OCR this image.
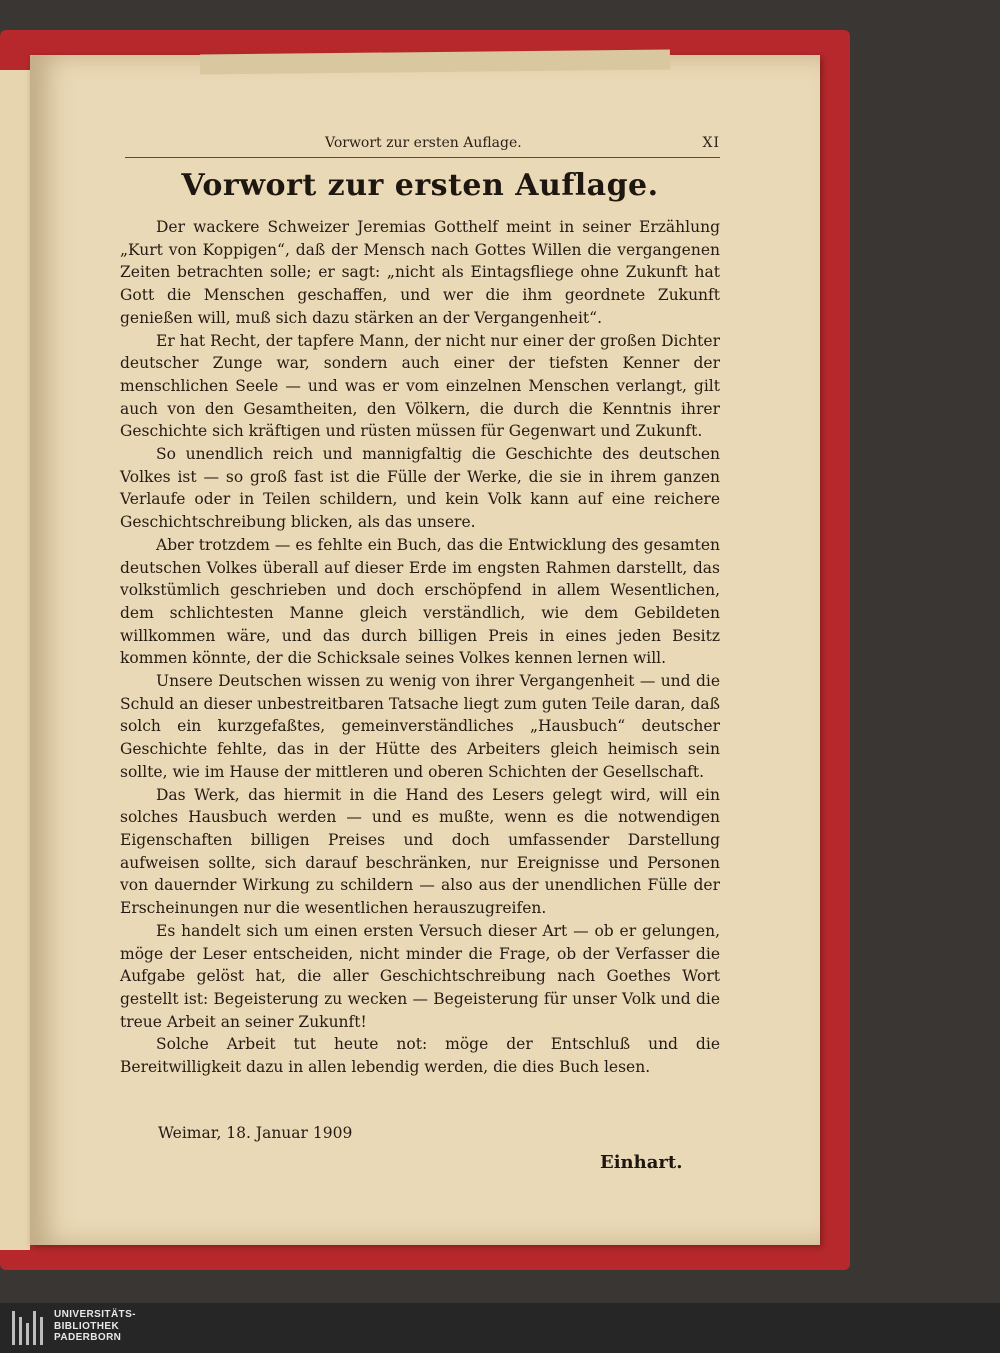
Vorwort zur ersten Auflage.	XI
Vorwort zur ersten Auflage.

Der wackere Schweizer Jeremias Gotthelf meint in seiner Erzählung „Kurt von Koppigen“, daß der Mensch nach Gottes Willen die vergangenen Zeiten betrachten solle; er sagt: „nicht als Eintagsfliege ohne Zukunft hat Gott die Menschen geschaffen, und wer die ihm geordnete Zukunft genießen will, muß sich dazu stärken an der Vergangenheit“.

Er hat Recht, der tapfere Mann, der nicht nur einer der großen Dichter deutscher Zunge war, sondern auch einer der tiefsten Kenner der menschlichen Seele — und was er vom einzelnen Menschen verlangt, gilt auch von den Gesamtheiten, den Völkern, die durch die Kenntnis ihrer Geschichte sich kräftigen und rüsten müssen für Gegenwart und Zukunft.

So unendlich reich und mannigfaltig die Geschichte des deutschen Volkes ist — so groß fast ist die Fülle der Werke, die sie in ihrem ganzen Verlaufe oder in Teilen schildern, und kein Volk kann auf eine reichere Geschichtschreibung blicken, als das unsere.

Aber trotzdem — es fehlte ein Buch, das die Entwicklung des gesamten deutschen Volkes überall auf dieser Erde im engsten Rahmen darstellt, das volkstümlich geschrieben und doch erschöpfend in allem Wesentlichen, dem schlichtesten Manne gleich verständlich, wie dem Gebildeten willkommen wäre, und das durch billigen Preis in eines jeden Besitz kommen könnte, der die Schicksale seines Volkes kennen lernen will.

Unsere Deutschen wissen zu wenig von ihrer Vergangenheit — und die Schuld an dieser unbestreitbaren Tatsache liegt zum guten Teile daran, daß solch ein kurzgefaßtes, gemeinverständliches „Hausbuch“ deutscher Geschichte fehlte, das in der Hütte des Arbeiters gleich heimisch sein sollte, wie im Hause der mittleren und oberen Schichten der Gesellschaft.

Das Werk, das hiermit in die Hand des Lesers gelegt wird, will ein solches Hausbuch werden — und es mußte, wenn es die notwendigen Eigenschaften billigen Preises und doch umfassender Darstellung aufweisen sollte, sich darauf beschränken, nur Ereignisse und Personen von dauernder Wirkung zu schildern — also aus der unendlichen Fülle der Erscheinungen nur die wesentlichen herauszugreifen.

Es handelt sich um einen ersten Versuch dieser Art — ob er gelungen, möge der Leser entscheiden, nicht minder die Frage, ob der Verfasser die Aufgabe gelöst hat, die aller Geschichtschreibung nach Goethes Wort gestellt ist: Begeisterung zu wecken — Begeisterung für unser Volk und die treue Arbeit an seiner Zukunft!

Solche Arbeit tut heute not: möge der Entschluß und die Bereitwilligkeit dazu in allen lebendig werden, die dies Buch lesen.

Weimar, 18. Januar 1909
Einhart.
UNIVERSITÄTS-
BIBLIOTHEK
PADERBORN
